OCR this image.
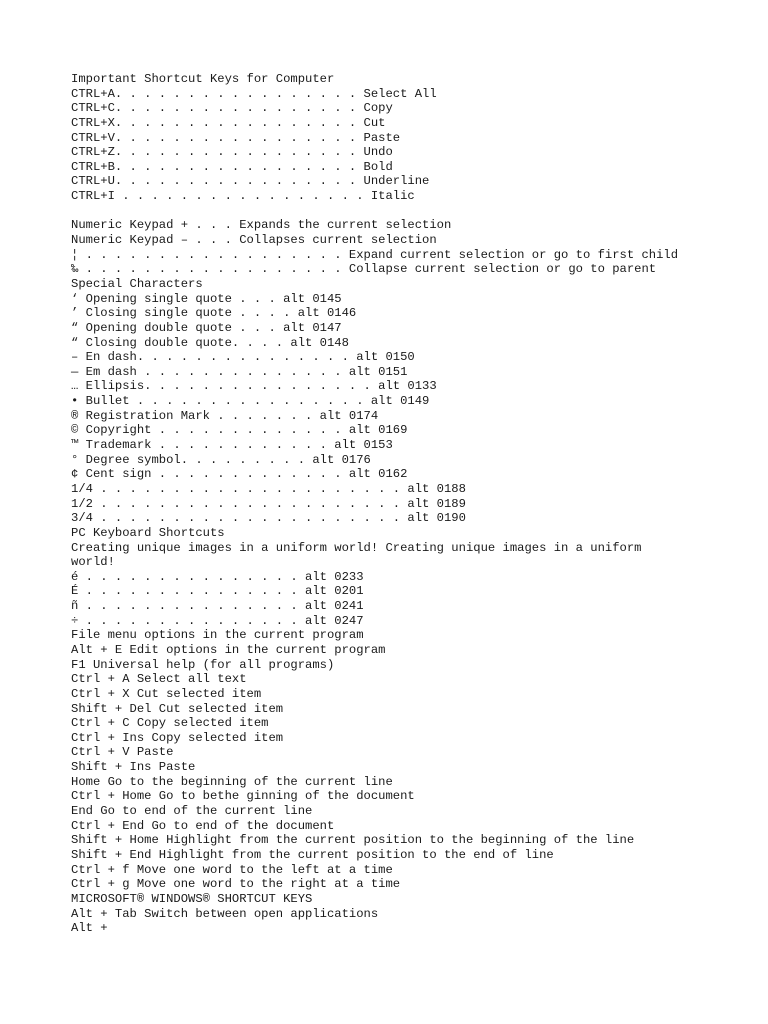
Important Shortcut Keys for Computer
CTRL+A. . . . . . . . . . . . . . . . . Select All
CTRL+C. . . . . . . . . . . . . . . . . Copy
CTRL+X. . . . . . . . . . . . . . . . . Cut
CTRL+V. . . . . . . . . . . . . . . . . Paste
CTRL+Z. . . . . . . . . . . . . . . . . Undo
CTRL+B. . . . . . . . . . . . . . . . . Bold
CTRL+U. . . . . . . . . . . . . . . . . Underline
CTRL+I . . . . . . . . . . . . . . . . . Italic
Numeric Keypad + . . . Expands the current selection
Numeric Keypad – . . . Collapses current selection
¦ . . . . . . . . . . . . . . . . . . Expand current selection or go to first child
‰ . . . . . . . . . . . . . . . . . . Collapse current selection or go to parent
Special Characters
‘ Opening single quote . . . alt 0145
’ Closing single quote . . . . alt 0146
“ Opening double quote . . . alt 0147
“ Closing double quote. . . . alt 0148
– En dash. . . . . . . . . . . . . . . alt 0150
— Em dash . . . . . . . . . . . . . . alt 0151
… Ellipsis. . . . . . . . . . . . . . . . alt 0133
• Bullet . . . . . . . . . . . . . . . . alt 0149
® Registration Mark . . . . . . . alt 0174
© Copyright . . . . . . . . . . . . . alt 0169
™ Trademark . . . . . . . . . . . . alt 0153
° Degree symbol. . . . . . . . . alt 0176
¢ Cent sign . . . . . . . . . . . . . alt 0162
1/4 . . . . . . . . . . . . . . . . . . . . . alt 0188
1/2 . . . . . . . . . . . . . . . . . . . . . alt 0189
3/4 . . . . . . . . . . . . . . . . . . . . . alt 0190
PC Keyboard Shortcuts
Creating unique images in a uniform world! Creating unique images in a uniform
world!
é . . . . . . . . . . . . . . . alt 0233
É . . . . . . . . . . . . . . . alt 0201
ñ . . . . . . . . . . . . . . . alt 0241
÷ . . . . . . . . . . . . . . . alt 0247
File menu options in the current program
Alt + E Edit options in the current program
F1 Universal help (for all programs)
Ctrl + A Select all text
Ctrl + X Cut selected item
Shift + Del Cut selected item
Ctrl + C Copy selected item
Ctrl + Ins Copy selected item
Ctrl + V Paste
Shift + Ins Paste
Home Go to the beginning of the current line
Ctrl + Home Go to bethe ginning of the document
End Go to end of the current line
Ctrl + End Go to end of the document
Shift + Home Highlight from the current position to the beginning of the line
Shift + End Highlight from the current position to the end of line
Ctrl + f Move one word to the left at a time
Ctrl + g Move one word to the right at a time
MICROSOFT® WINDOWS® SHORTCUT KEYS
Alt + Tab Switch between open applications
Alt +
